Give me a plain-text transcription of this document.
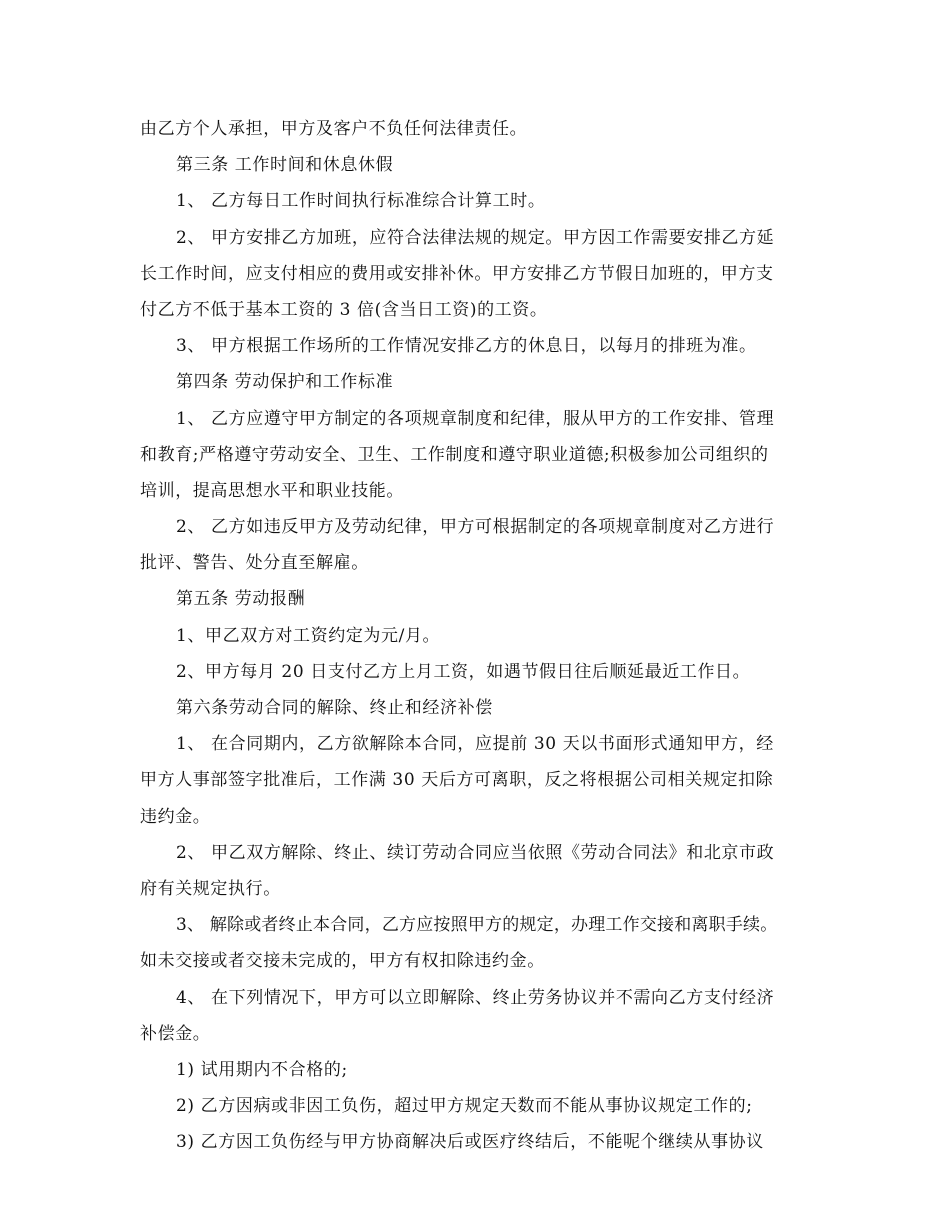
由乙方个人承担，甲方及客户不负任何法律责任。
第三条 工作时间和休息休假
1、 乙方每日工作时间执行标准综合计算工时。
2、 甲方安排乙方加班，应符合法律法规的规定。甲方因工作需要安排乙方延
长工作时间，应支付相应的费用或安排补休。甲方安排乙方节假日加班的，甲方支
付乙方不低于基本工资的 3 倍(含当日工资)的工资。
3、 甲方根据工作场所的工作情况安排乙方的休息日，以每月的排班为准。
第四条 劳动保护和工作标准
1、 乙方应遵守甲方制定的各项规章制度和纪律，服从甲方的工作安排、管理
和教育;严格遵守劳动安全、卫生、工作制度和遵守职业道德;积极参加公司组织的
培训，提高思想水平和职业技能。
2、 乙方如违反甲方及劳动纪律，甲方可根据制定的各项规章制度对乙方进行
批评、警告、处分直至解雇。
第五条 劳动报酬
1、甲乙双方对工资约定为元/月。
2、甲方每月 20 日支付乙方上月工资，如遇节假日往后顺延最近工作日。
第六条劳动合同的解除、终止和经济补偿
1、 在合同期内，乙方欲解除本合同，应提前 30 天以书面形式通知甲方，经
甲方人事部签字批准后，工作满 30 天后方可离职，反之将根据公司相关规定扣除
违约金。
2、 甲乙双方解除、终止、续订劳动合同应当依照《劳动合同法》和北京市政
府有关规定执行。
3、 解除或者终止本合同，乙方应按照甲方的规定，办理工作交接和离职手续。
如未交接或者交接未完成的，甲方有权扣除违约金。
4、 在下列情况下，甲方可以立即解除、终止劳务协议并不需向乙方支付经济
补偿金。
1) 试用期内不合格的;
2) 乙方因病或非因工负伤，超过甲方规定天数而不能从事协议规定工作的;
3) 乙方因工负伤经与甲方协商解决后或医疗终结后，不能呢个继续从事协议
